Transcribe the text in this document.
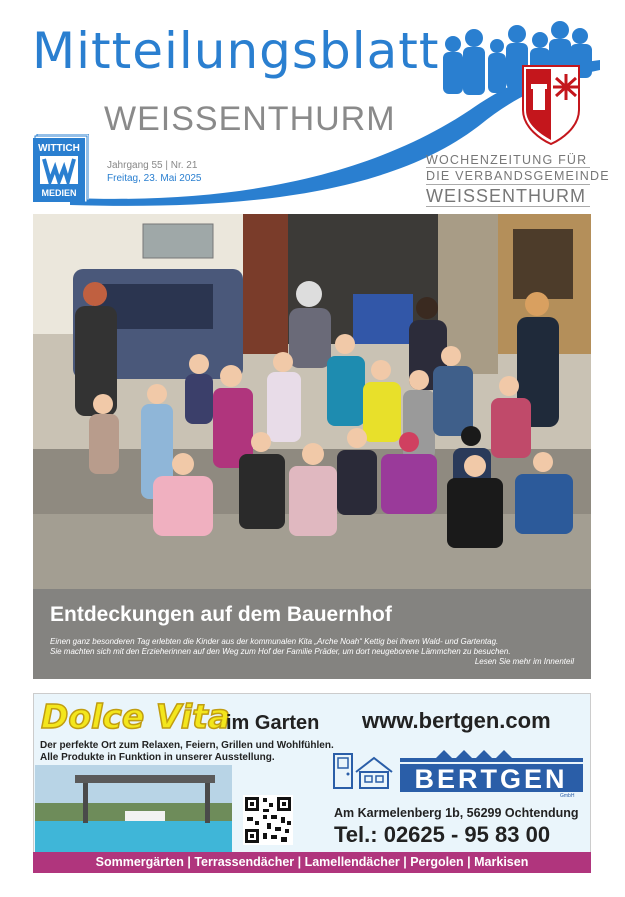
Mitteilungsblatt
WEISSENTHURM
WITTICH
MEDIEN
Jahrgang 55 | Nr. 21
Freitag, 23. Mai 2025
WOCHENZEITUNG FÜR
DIE VERBANDSGEMEINDE
WEISSENTHURM
Entdeckungen auf dem Bauernhof
Einen ganz besonderen Tag erlebten die Kinder aus der kommunalen Kita „Arche Noah“ Kettig bei ihrem Wald- und Gartentag.
Sie machten sich mit den Erzieherinnen auf den Weg zum Hof der Familie Präder, um dort neugeborene Lämmchen zu besuchen.
Lesen Sie mehr im Innenteil
Dolce Vita
im Garten www.bertgen.com
Der perfekte Ort zum Relaxen, Feiern, Grillen und Wohlfühlen.
Alle Produkte in Funktion in unserer Ausstellung.
BERTGEN
GmbH
Am Karmelenberg 1b, 56299 Ochtendung
Tel.: 02625 - 95 83 00
Sommergärten | Terrassendächer | Lamellendächer | Pergolen | Markisen
